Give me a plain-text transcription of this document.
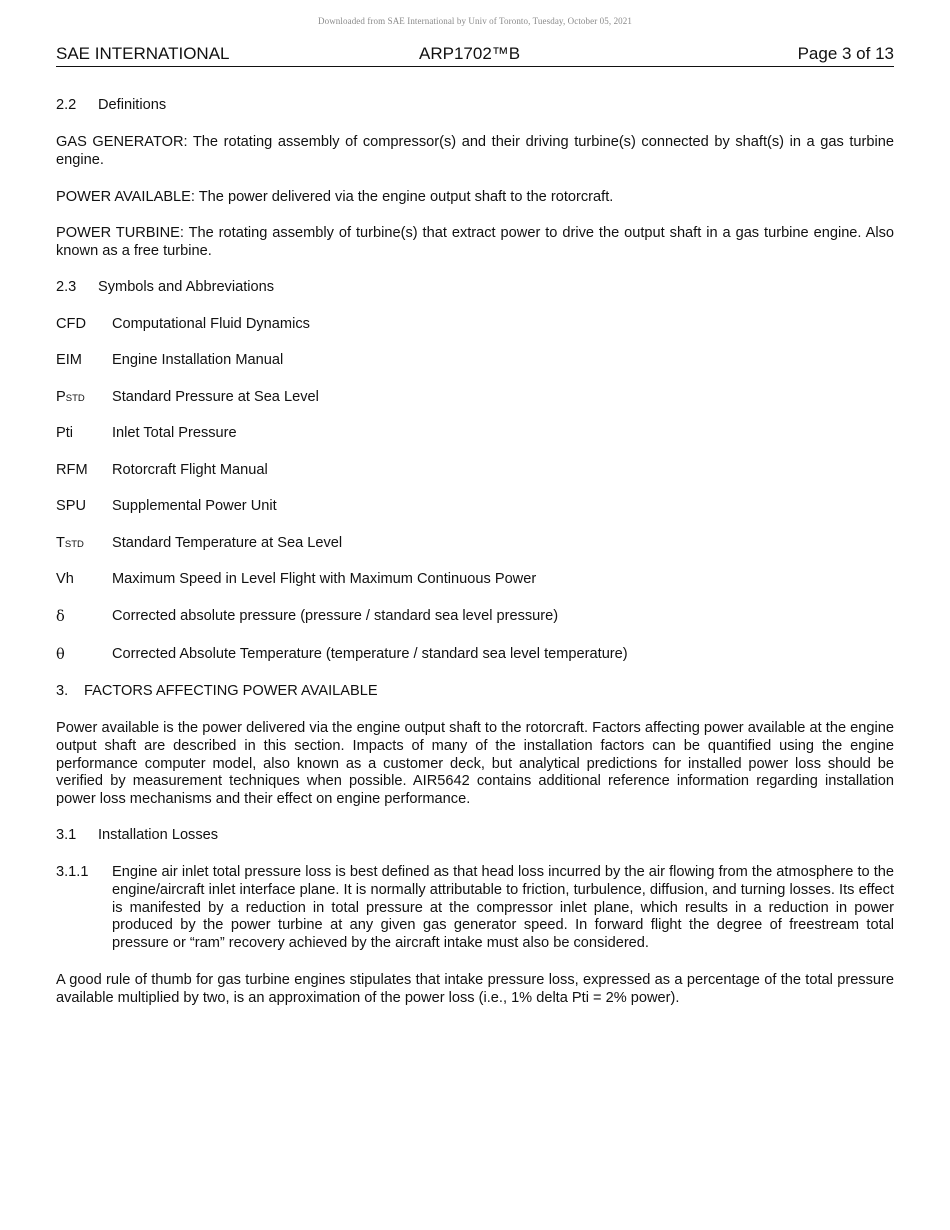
Downloaded from SAE International by Univ of Toronto, Tuesday, October 05, 2021
SAE INTERNATIONAL	ARP1702™B	Page 3 of 13
2.2 Definitions
GAS GENERATOR: The rotating assembly of compressor(s) and their driving turbine(s) connected by shaft(s) in a gas turbine engine.
POWER AVAILABLE: The power delivered via the engine output shaft to the rotorcraft.
POWER TURBINE: The rotating assembly of turbine(s) that extract power to drive the output shaft in a gas turbine engine. Also known as a free turbine.
2.3 Symbols and Abbreviations
CFD Computational Fluid Dynamics
EIM Engine Installation Manual
PSTD Standard Pressure at Sea Level
Pti	Inlet Total Pressure
RFM Rotorcraft Flight Manual
SPU Supplemental Power Unit
TSTD Standard Temperature at Sea Level
Vh	Maximum Speed in Level Flight with Maximum Continuous Power
δ	Corrected absolute pressure (pressure / standard sea level pressure)
θ	Corrected Absolute Temperature (temperature / standard sea level temperature)
3. FACTORS AFFECTING POWER AVAILABLE
Power available is the power delivered via the engine output shaft to the rotorcraft. Factors affecting power available at the engine output shaft are described in this section. Impacts of many of the installation factors can be quantified using the engine performance computer model, also known as a customer deck, but analytical predictions for installed power loss should be verified by measurement techniques when possible. AIR5642 contains additional reference information regarding installation power loss mechanisms and their effect on engine performance.
3.1 Installation Losses
3.1.1 Engine air inlet total pressure loss is best defined as that head loss incurred by the air flowing from the atmosphere to the engine/aircraft inlet interface plane. It is normally attributable to friction, turbulence, diffusion, and turning losses. Its effect is manifested by a reduction in total pressure at the compressor inlet plane, which results in a reduction in power produced by the power turbine at any given gas generator speed. In forward flight the degree of freestream total pressure or “ram” recovery achieved by the aircraft intake must also be considered.
A good rule of thumb for gas turbine engines stipulates that intake pressure loss, expressed as a percentage of the total pressure available multiplied by two, is an approximation of the power loss (i.e., 1% delta Pti = 2% power).
